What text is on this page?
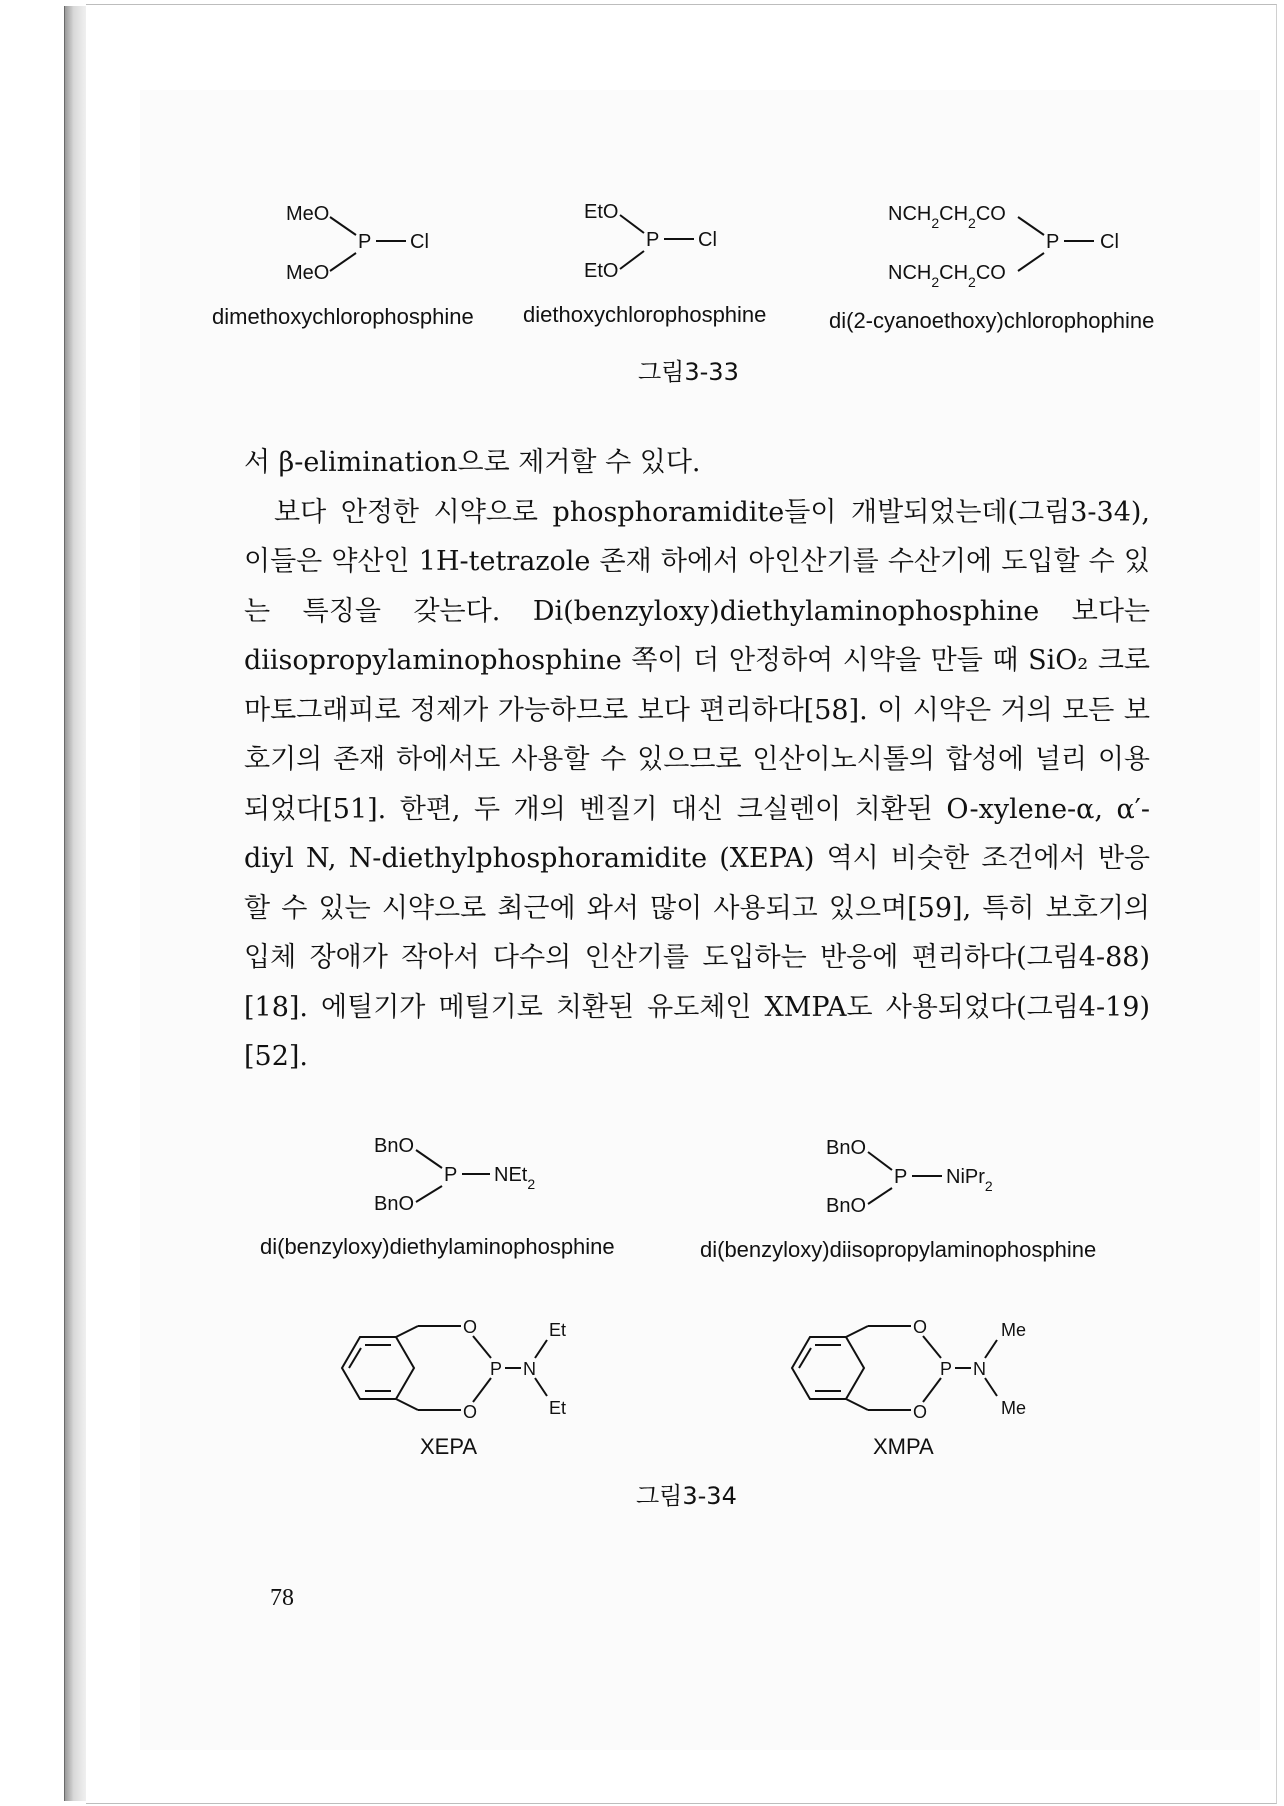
MeO
MeO
P Cl
dimethoxychlorophosphine
EtO
EtO
P Cl
diethoxychlorophosphine
$NCH_2CH_2CO$
$NCH_2CH_2CO$
P Cl
di(2-cyanoethoxy)chlorophophine
그림3-33

서 β-elimination으로 제거할 수 있다.

보다 안정한 시약으로 phosphoramidite들이 개발되었는데(그림3-34), 이들은 약산인 1H-tetrazole 존재 하에서 아인산기를 수산기에 도입할 수 있는 특징을 갖는다. Di(benzyloxy)diethylaminophosphine 보다는 diisopropylaminophosphine 쪽이 더 안정하여 시약을 만들 때 SiO₂ 크로마토그래피로 정제가 가능하므로 보다 편리하다[58]. 이 시약은 거의 모든 보호기의 존재 하에서도 사용할 수 있으므로 인산이노시톨의 합성에 널리 이용되었다[51]. 한편, 두 개의 벤질기 대신 크실렌이 치환된 O-xylene-α, α′-diyl N, N-diethylphosphoramidite (XEPA) 역시 비슷한 조건에서 반응할 수 있는 시약으로 최근에 와서 많이 사용되고 있으며[59], 특히 보호기의 입체 장애가 작아서 다수의 인산기를 도입하는 반응에 편리하다(그림4-88)[18]. 에틸기가 메틸기로 치환된 유도체인 XMPA도 사용되었다(그림4-19)[52].

BnO
BnO
P NEt$_2$
di(benzyloxy)diethylaminophosphine
BnO
BnO
P NiPr$_2$
di(benzyloxy)diisopropylaminophosphine
O
O
P N
Et
Et
XEPA
O
O
P N
Me
Me
XMPA
그림3-34
78
